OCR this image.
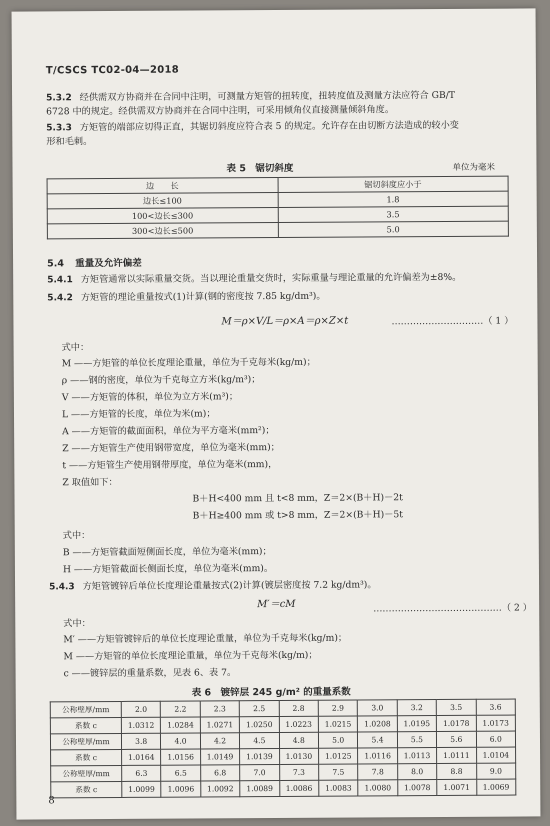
T/CSCS TC02-04—2018
5.3.2 经供需双方协商并在合同中注明，可测量方矩管的扭转度，扭转度值及测量方法应符合 GB/T
6728 中的规定。经供需双方协商并在合同中注明，可采用倾角仪直接测量倾斜角度。
5.3.3 方矩管的端部应切得正直，其锯切斜度应符合表 5 的规定。允许存在由切断方法造成的较小变
形和毛刺。
表 5　锯切斜度	单位为毫米
边　　长	锯切斜度应小于
边长≤100	1.8
100<边长≤300	3.5
300<边长≤500	5.0
5.4 重量及允许偏差
5.4.1 方矩管通常以实际重量交货。当以理论重量交货时，实际重量与理论重量的允许偏差为±8%。
5.4.2 方矩管的理论重量按式(1)计算(钢的密度按 7.85 kg/dm³)。
M＝ρ×V/L＝ρ×A＝ρ×Z×t	…………………………（ 1 ）
式中：
M ——方矩管的单位长度理论重量，单位为千克每米(kg/m)；
ρ ——钢的密度，单位为千克每立方米(kg/m³)；
V ——方矩管的体积，单位为立方米(m³)；
L ——方矩管的长度，单位为米(m)；
A ——方矩管的截面面积，单位为平方毫米(mm²)；
Z ——方矩管生产使用钢带宽度，单位为毫米(mm)；
t ——方矩管生产使用钢带厚度，单位为毫米(mm)，
Z 取值如下：
B＋H<400 mm 且 t<8 mm，Z＝2×(B＋H)－2t
B＋H≥400 mm 或 t>8 mm，Z＝2×(B＋H)－5t
式中：
B ——方矩管截面短侧面长度，单位为毫米(mm)；
H ——方矩管截面长侧面长度，单位为毫米(mm)。
5.4.3 方矩管镀锌后单位长度理论重量按式(2)计算(镀层密度按 7.2 kg/dm³)。
M′＝cM	……………………………………（ 2 ）
式中：
M′ ——方矩管镀锌后的单位长度理论重量，单位为千克每米(kg/m)；
M ——方矩管的单位长度理论重量，单位为千克每米(kg/m)；
c ——镀锌层的重量系数，见表 6、表 7。
表 6　镀锌层 245 g/m² 的重量系数
公称壁厚/mm	2.0	2.2	2.3	2.5	2.8	2.9	3.0	3.2	3.5	3.6
系数 c	1.0312	1.0284	1.0271	1.0250	1.0223	1.0215	1.0208	1.0195	1.0178	1.0173
公称壁厚/mm	3.8	4.0	4.2	4.5	4.8	5.0	5.4	5.5	5.6	6.0
系数 c	1.0164	1.0156	1.0149	1.0139	1.0130	1.0125	1.0116	1.0113	1.0111	1.0104
公称壁厚/mm	6.3	6.5	6.8	7.0	7.3	7.5	7.8	8.0	8.8	9.0
系数 c	1.0099	1.0096	1.0092	1.0089	1.0086	1.0083	1.0080	1.0078	1.0071	1.0069
8
